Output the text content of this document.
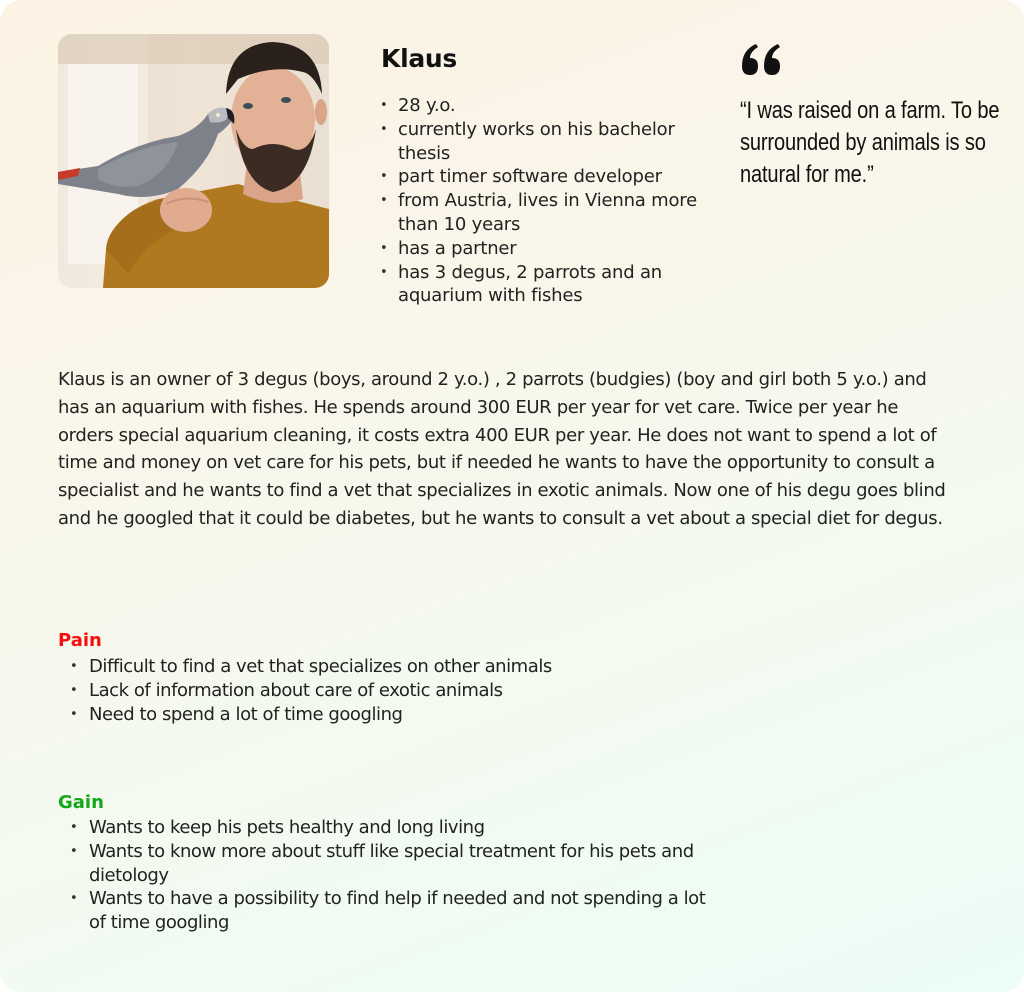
Klaus
• 28 y.o.
• currently works on his bachelor thesis
• part timer software developer
• from Austria, lives in Vienna more than 10 years
• has a partner
• has 3 degus, 2 parrots and an aquarium with fishes
“I was raised on a farm. To be surrounded by animals is so natural for me.”

Klaus is an owner of 3 degus (boys, around 2 y.o.) , 2 parrots (budgies) (boy and girl both 5 y.o.) and has an aquarium with fishes. He spends around 300 EUR per year for vet care. Twice per year he orders special aquarium cleaning, it costs extra 400 EUR per year. He does not want to spend a lot of time and money on vet care for his pets, but if needed he wants to have the opportunity to consult a specialist and he wants to find a vet that specializes in exotic animals. Now one of his degu goes blind and he googled that it could be diabetes, but he wants to consult a vet about a special diet for degus.

Pain
• Difficult to find a vet that specializes on other animals
• Lack of information about care of exotic animals
• Need to spend a lot of time googling
Gain
• Wants to keep his pets healthy and long living
• Wants to know more about stuff like special treatment for his pets and dietology
• Wants to have a possibility to find help if needed and not spending a lot of time googling
